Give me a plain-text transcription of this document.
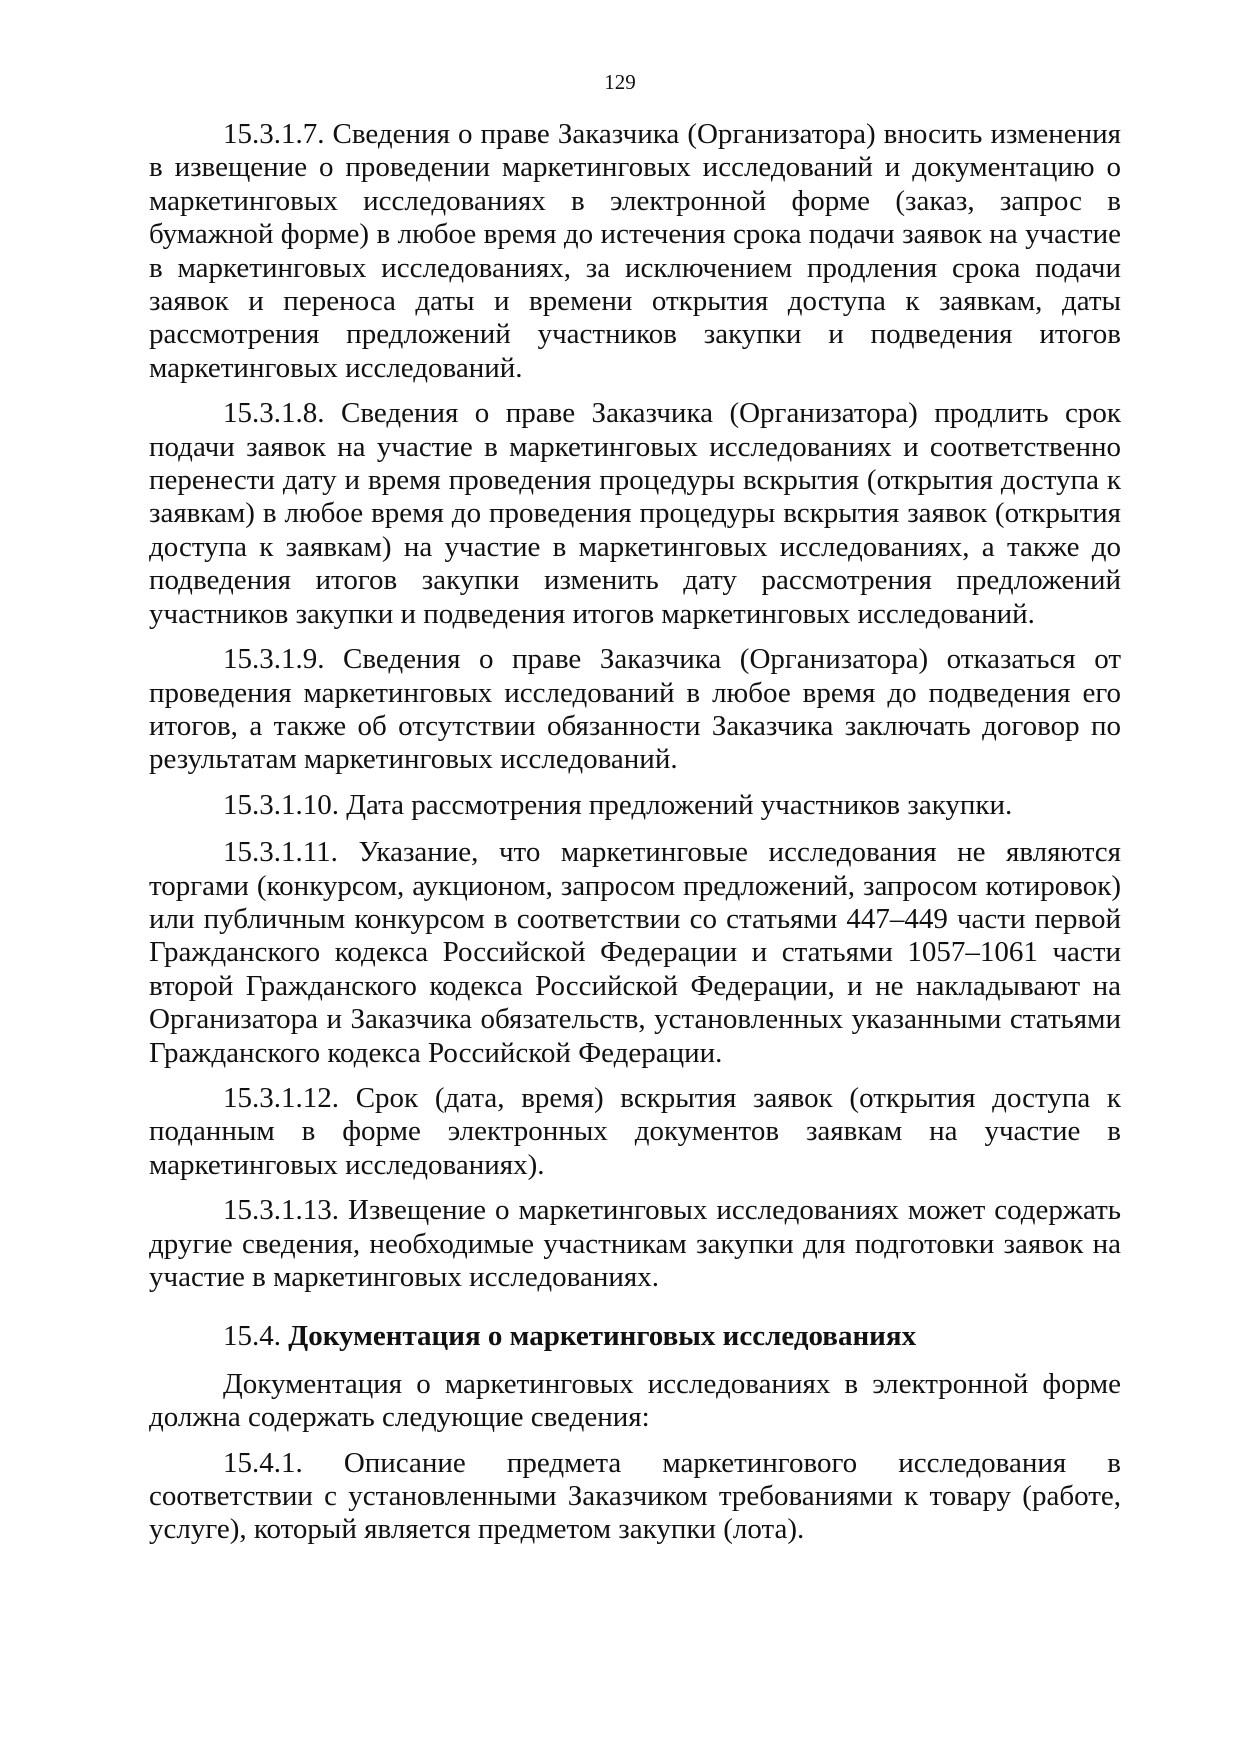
129

15.3.1.7. Сведения о праве Заказчика (Организатора) вносить изменения в извещение о проведении маркетинговых исследований и документацию о маркетинговых исследованиях в электронной форме (заказ, запрос в бумажной форме) в любое время до истечения срока подачи заявок на участие в маркетинговых исследованиях, за исключением продления срока подачи заявок и переноса даты и времени открытия доступа к заявкам, даты рассмотрения предложений участников закупки и подведения итогов маркетинговых исследований.

15.3.1.8. Сведения о праве Заказчика (Организатора) продлить срок подачи заявок на участие в маркетинговых исследованиях и соответственно перенести дату и время проведения процедуры вскрытия (открытия доступа к заявкам) в любое время до проведения процедуры вскрытия заявок (открытия доступа к заявкам) на участие в маркетинговых исследованиях, а также до подведения итогов закупки изменить дату рассмотрения предложений участников закупки и подведения итогов маркетинговых исследований.

15.3.1.9. Сведения о праве Заказчика (Организатора) отказаться от проведения маркетинговых исследований в любое время до подведения его итогов, а также об отсутствии обязанности Заказчика заключать договор по результатам маркетинговых исследований.

15.3.1.10. Дата рассмотрения предложений участников закупки.

15.3.1.11. Указание, что маркетинговые исследования не являются торгами (конкурсом, аукционом, запросом предложений, запросом котировок) или публичным конкурсом в соответствии со статьями 447–449 части первой Гражданского кодекса Российской Федерации и статьями 1057–1061 части второй Гражданского кодекса Российской Федерации, и не накладывают на Организатора и Заказчика обязательств, установленных указанными статьями Гражданского кодекса Российской Федерации.

15.3.1.12. Срок (дата, время) вскрытия заявок (открытия доступа к поданным в форме электронных документов заявкам на участие в маркетинговых исследованиях).

15.3.1.13. Извещение о маркетинговых исследованиях может содержать другие сведения, необходимые участникам закупки для подготовки заявок на участие в маркетинговых исследованиях.

15.4. Документация о маркетинговых исследованиях

Документация о маркетинговых исследованиях в электронной форме должна содержать следующие сведения:

15.4.1. Описание предмета маркетингового исследования в соответствии с установленными Заказчиком требованиями к товару (работе, услуге), который является предметом закупки (лота).
